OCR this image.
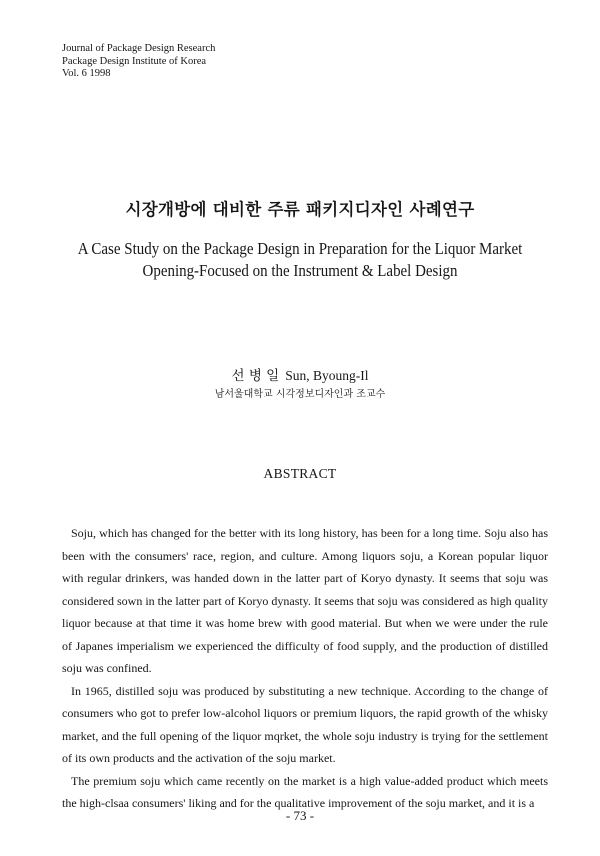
Journal of Package Design Research
Package Design Institute of Korea
Vol. 6 1998
시장개방에 대비한 주류 패키지디자인 사례연구
A Case Study on the Package Design in Preparation for the Liquor Market
Opening-Focused on the Instrument & Label Design
선 병 일 Sun, Byoung-Il
남서울대학교 시각정보디자인과 조교수
ABSTRACT

Soju, which has changed for the better with its long history, has been for a long time. Soju also has been with the consumers' race, region, and culture. Among liquors soju, a Korean popular liquor with regular drinkers, was handed down in the latter part of Koryo dynasty. It seems that soju was considered sown in the latter part of Koryo dynasty. It seems that soju was considered as high quality liquor because at that time it was home brew with good material. But when we were under the rule of Japanes imperialism we experienced the difficulty of food supply, and the production of distilled soju was confined.

In 1965, distilled soju was produced by substituting a new technique. According to the change of consumers who got to prefer low-alcohol liquors or premium liquors, the rapid growth of the whisky market, and the full opening of the liquor mqrket, the whole soju industry is trying for the settlement of its own products and the activation of the soju market.

The premium soju which came recently on the market is a high value-added product which meets the high-clsaa consumers' liking and for the qualitative improvement of the soju market, and it is a

- 73 -
